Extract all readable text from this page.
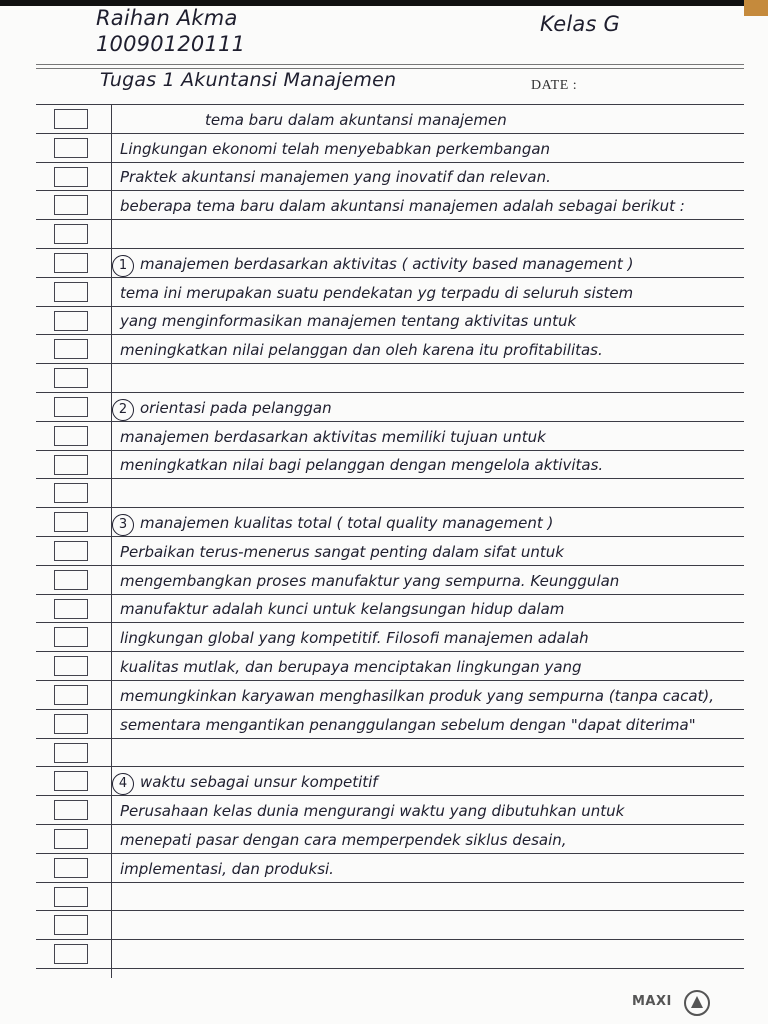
Raihan Akma
10090120111
Kelas G
Tugas 1 Akuntansi Manajemen	DATE :
tema baru dalam akuntansi manajemen
Lingkungan ekonomi telah menyebabkan perkembangan
Praktek akuntansi manajemen yang inovatif dan relevan.
beberapa tema baru dalam akuntansi manajemen adalah sebagai berikut :
1 manajemen berdasarkan aktivitas ( activity based management )
tema ini merupakan suatu pendekatan yg terpadu di seluruh sistem
yang menginformasikan manajemen tentang aktivitas untuk
meningkatkan nilai pelanggan dan oleh karena itu profitabilitas.
2 orientasi pada pelanggan
manajemen berdasarkan aktivitas memiliki tujuan untuk
meningkatkan nilai bagi pelanggan dengan mengelola aktivitas.
3 manajemen kualitas total ( total quality management )
Perbaikan terus-menerus sangat penting dalam sifat untuk
mengembangkan proses manufaktur yang sempurna. Keunggulan
manufaktur adalah kunci untuk kelangsungan hidup dalam
lingkungan global yang kompetitif. Filosofi manajemen adalah
kualitas mutlak, dan berupaya menciptakan lingkungan yang
memungkinkan karyawan menghasilkan produk yang sempurna (tanpa cacat),
sementara mengantikan penanggulangan sebelum dengan "dapat diterima"
4 waktu sebagai unsur kompetitif
Perusahaan kelas dunia mengurangi waktu yang dibutuhkan untuk
menepati pasar dengan cara memperpendek siklus desain,
implementasi, dan produksi.
MAXI
